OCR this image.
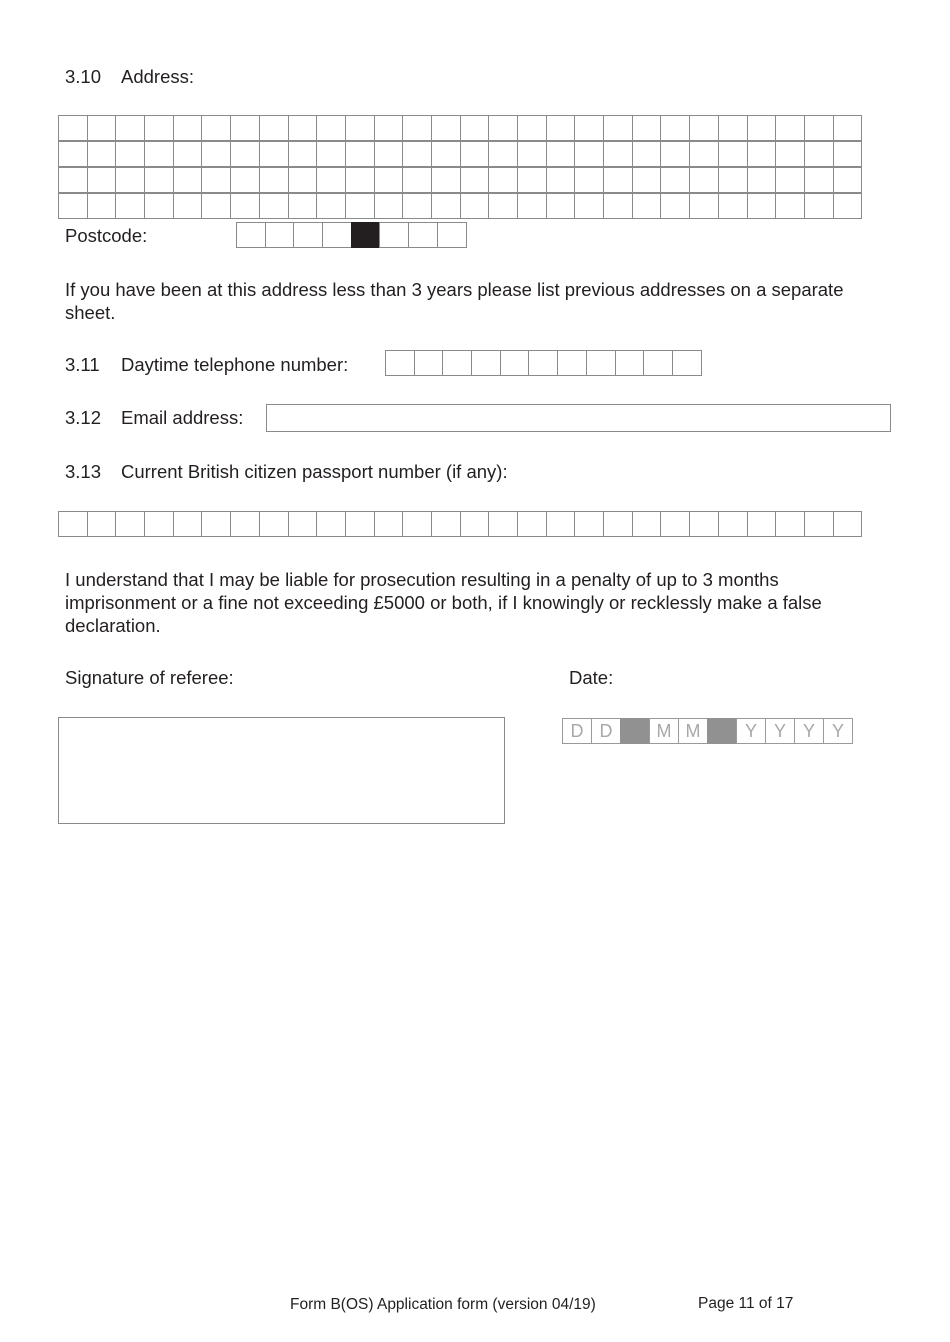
3.10 Address:
Postcode:
If you have been at this address less than 3 years please list previous addresses on a separate sheet.
3.11 Daytime telephone number:
3.12 Email address:
3.13 Current British citizen passport number (if any):
I understand that I may be liable for prosecution resulting in a penalty of up to 3 months imprisonment or a fine not exceeding £5000 or both, if I knowingly or recklessly make a false declaration.
Signature of referee:	Date:
D D	M M	Y Y Y Y
Form B(OS) Application form (version 04/19)	Page 11 of 17
